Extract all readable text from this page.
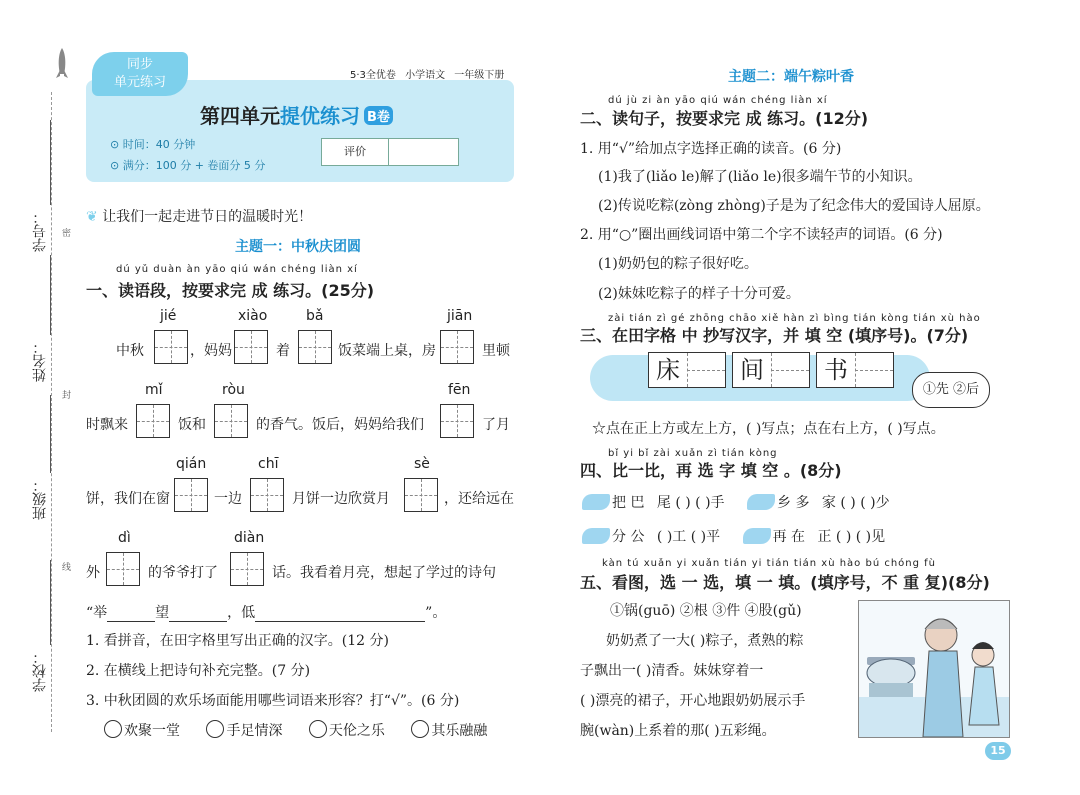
密
封
线
学号：
姓名：
班级：
学校：
同步
单元练习	5·3全优卷 小学语文 一年级下册
第四单元提优练习 B卷
⊙ 时间：40 分钟
⊙ 满分：100 分 + 卷面分 5 分
评价
❦ 让我们一起走进节日的温暖时光！
主题一：中秋庆团圆
dú yǔ duàn àn yāo qiú wán chéng liàn xí
一、读语段，按要求完 成 练习。(25分)
jié	xiào	bǎ	jiān
中秋	，妈妈	着	饭菜端上桌，房	里顿
mǐ	ròu	fēn
时飘来	饭和	的香气。饭后，妈妈给我们	了月
qián	chī	sè
饼，我们在窗	一边	月饼一边欣赏月	，还给远在
dì	diàn
外	的爷爷打了	话。我看着月亮，想起了学过的诗句
“举	望	，低	”。
1. 看拼音，在田字格里写出正确的汉字。(12 分)
2. 在横线上把诗句补充完整。(7 分)
3. 中秋团圆的欢乐场面能用哪些词语来形容？打“√”。(6 分)
欢聚一堂	手足情深	天伦之乐	其乐融融
主题二：端午粽叶香
dú jù zi àn yāo qiú wán chéng liàn xí
二、读句子，按要求完 成 练习。(12分)
1. 用“√”给加点字选择正确的读音。(6 分)
(1)我了(liǎo le)解了(liǎo le)很多端午节的小知识。
(2)传说吃粽(zòng zhòng)子是为了纪念伟大的爱国诗人屈原。
2. 用“○”圈出画线词语中第二个字不读轻声的词语。(6 分)
(1)奶奶包的粽子很好吃。
(2)妹妹吃粽子的样子十分可爱。
zài tián zì gé zhōng chāo xiě hàn zì bìng tián kòng tián xù hào
三、在田字格 中 抄写汉字，并 填 空 (填序号)。(7分)
床	间	书
①先 ②后
☆点在正上方或左上方，( )写点；点在右上方，( )写点。
bǐ yi bǐ zài xuǎn zì tián kòng
四、比一比，再 选 字 填 空 。(8分)
把 巴 尾 ( ) ( )手	乡 多 家 ( ) ( )少
分 公 ( )工 ( )平	再 在 正 ( ) ( )见
kàn tú xuǎn yi xuǎn tián yi tián tián xù hào bú chóng fù
五、看图，选 一 选，填 一 填。(填序号，不 重 复)(8分)
①锅(guō) ②根 ③件 ④股(gǔ)
奶奶煮了一大( )粽子，煮熟的粽
子飘出一( )清香。妹妹穿着一
( )漂亮的裙子，开心地跟奶奶展示手
腕(wàn)上系着的那( )五彩绳。
15
